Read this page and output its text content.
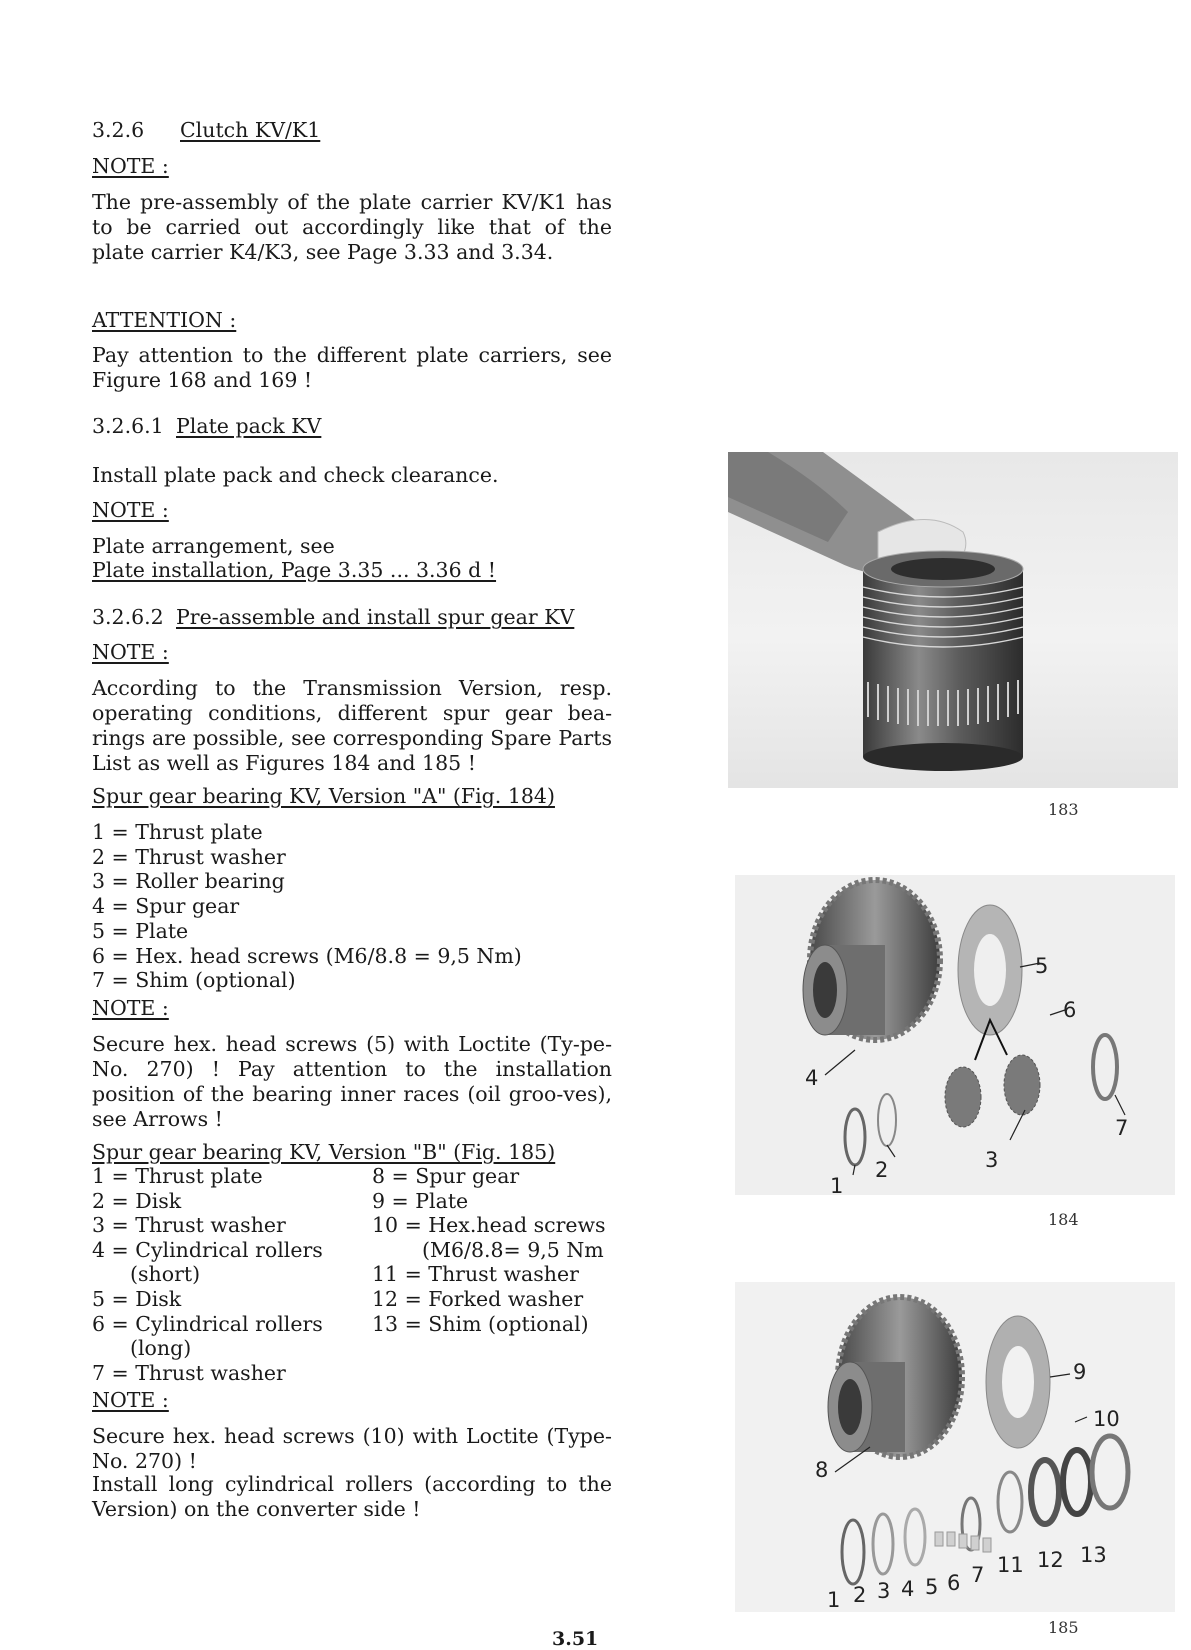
3.2.6 Clutch KV/K1
NOTE :
The pre-assembly of the plate carrier KV/K1 has to be carried out accordingly like that of the plate carrier K4/K3, see Page 3.33 and 3.34.
ATTENTION :
Pay attention to the different plate carriers, see Figure 168 and 169 !
3.2.6.1 Plate pack KV
Install plate pack and check clearance.
NOTE :
Plate arrangement, see
Plate installation, Page 3.35 ... 3.36 d !
3.2.6.2 Pre-assemble and install spur gear KV
NOTE :
According to the Transmission Version, resp. operating conditions, different spur gear bea-rings are possible, see corresponding Spare Parts List as well as Figures 184 and 185 !
Spur gear bearing KV, Version "A" (Fig. 184)
1 = Thrust plate
2 = Thrust washer
3 = Roller bearing
4 = Spur gear
5 = Plate
6 = Hex. head screws (M6/8.8 = 9,5 Nm)
7 = Shim (optional)
NOTE :
Secure hex. head screws (5) with Loctite (Ty-pe-No. 270) ! Pay attention to the installation position of the bearing inner races (oil groo-ves), see Arrows !
Spur gear bearing KV, Version "B" (Fig. 185)
1 = Thrust plate
2 = Disk
3 = Thrust washer
4 = Cylindrical rollers
(short)
5 = Disk
6 = Cylindrical rollers
(long)
7 = Thrust washer
8 = Spur gear
9 = Plate
10 = Hex.head screws
(M6/8.8= 9,5 Nm
11 = Thrust washer
12 = Forked washer
13 = Shim (optional)
NOTE :
Secure hex. head screws (10) with Loctite (Type-No. 270) !
Install long cylindrical rollers (according to the Version) on the converter side !
183
1
2	3
4
5
6
7
184
1 2 3 4 5 6 7
8
9
10
11 12 13
185
3.51
